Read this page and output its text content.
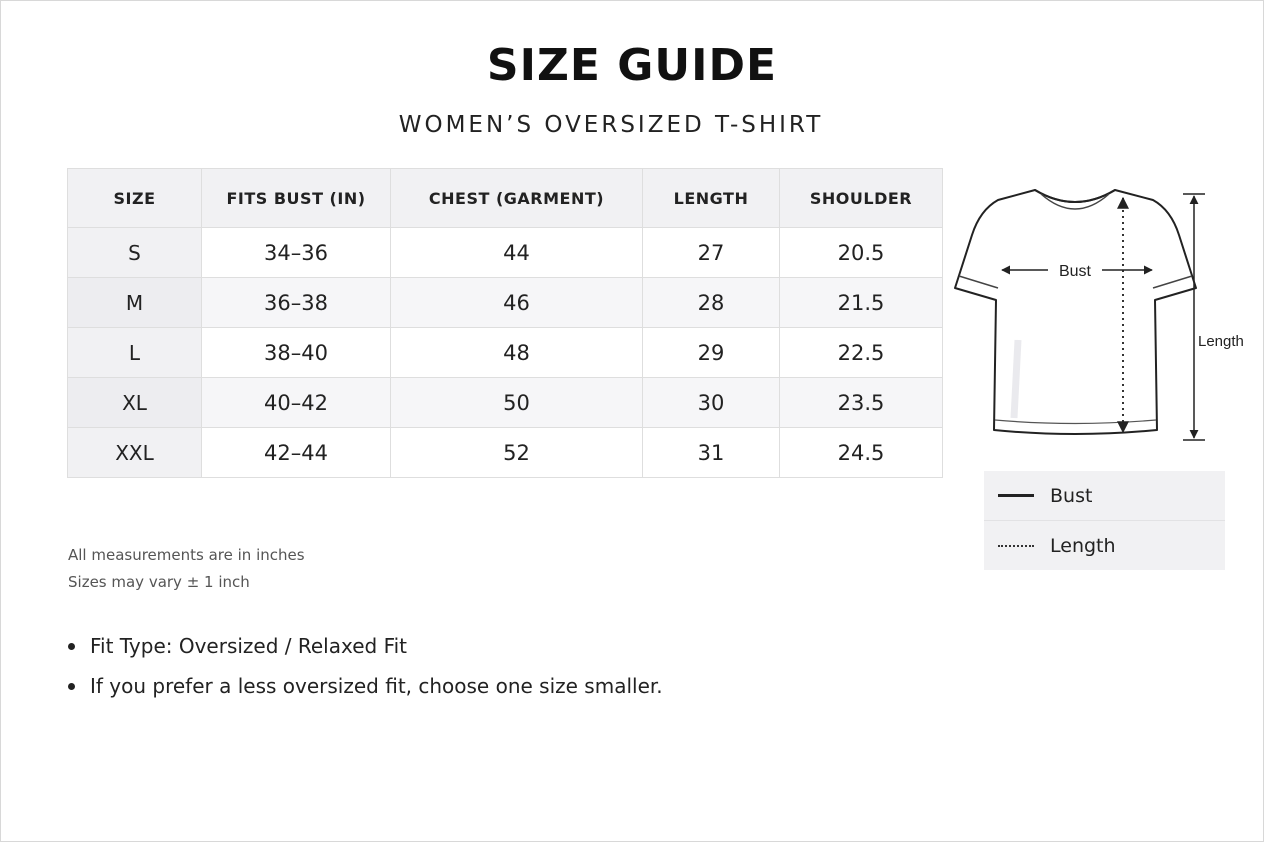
SIZE GUIDE
WOMEN’S OVERSIZED T-SHIRT
SIZE	FITS BUST (IN)	CHEST (GARMENT)	LENGTH	SHOULDER
S	34–36	44	27	20.5
M	36–38	46	28	21.5
L	38–40	48	29	22.5
XL	40–42	50	30	23.5
XXL	42–44	52	31	24.5
Bust
Length
Bust
Length
All measurements are in inches
Sizes may vary ± 1 inch
Fit Type: Oversized / Relaxed Fit
If you prefer a less oversized fit, choose one size smaller.
